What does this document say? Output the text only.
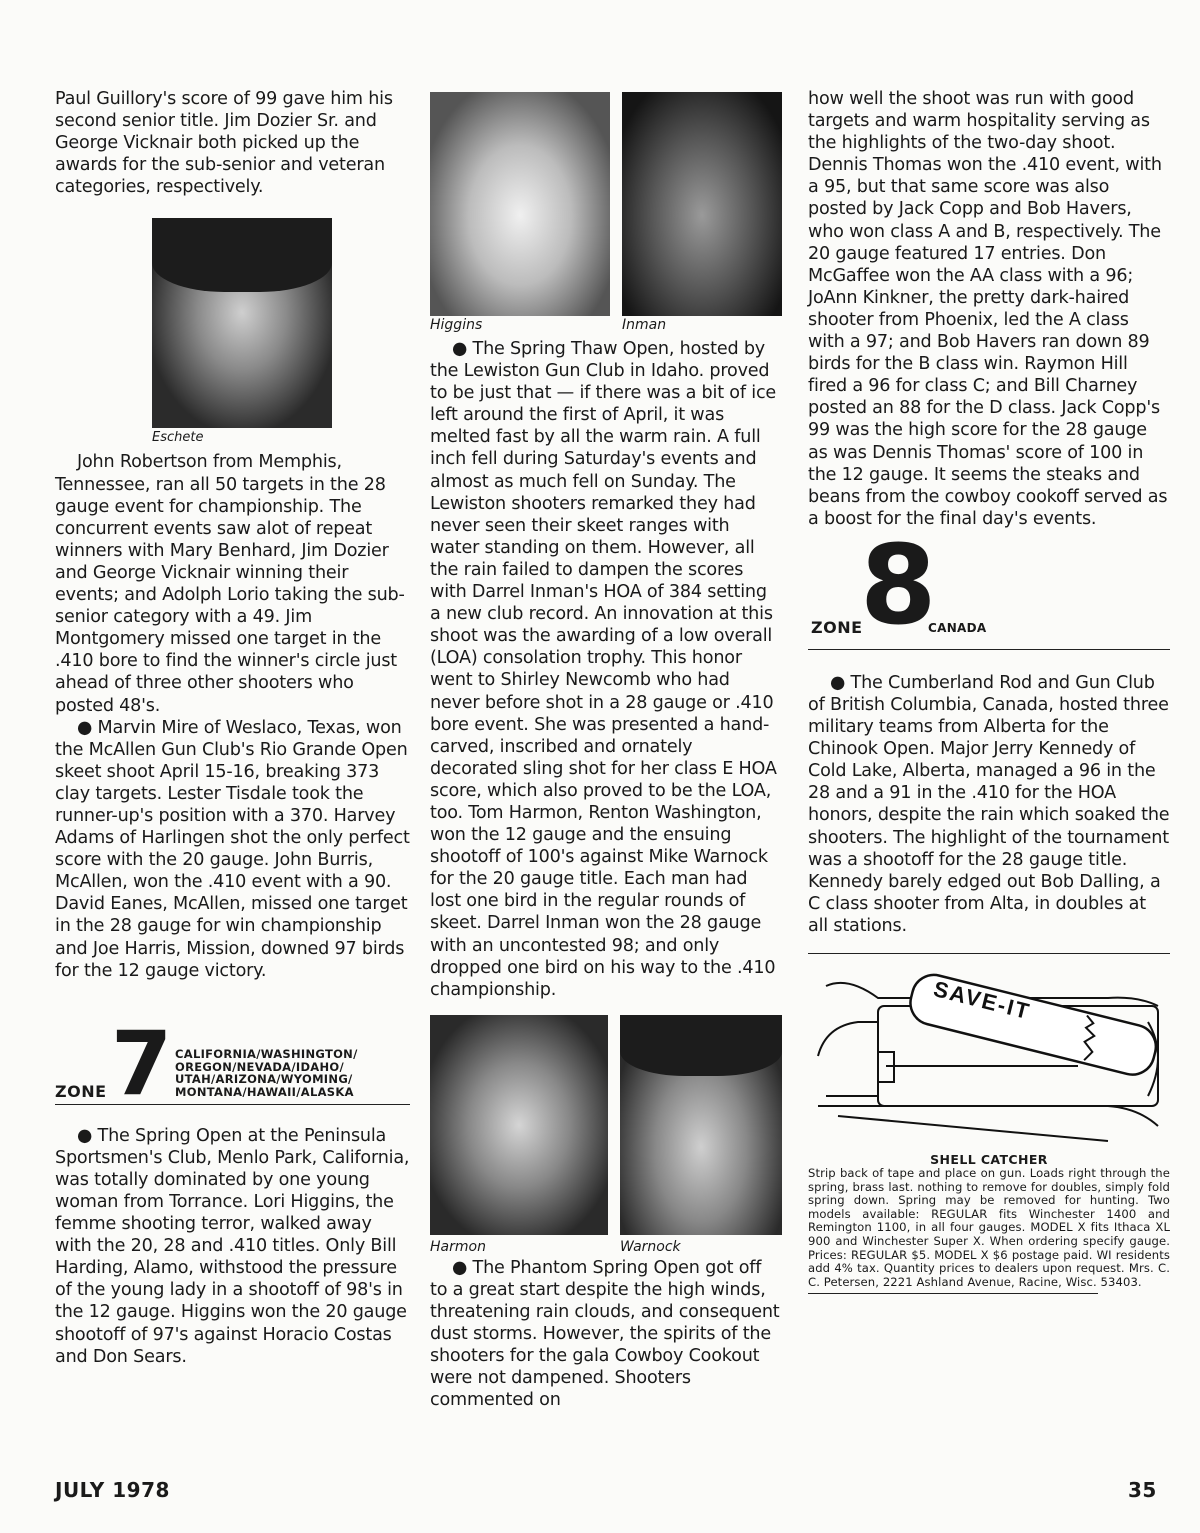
Paul Guillory's score of 99 gave him his second senior title. Jim Dozier Sr. and George Vicknair both picked up the awards for the sub-senior and veteran categories, respectively.

Eschete

John Robertson from Memphis, Tennessee, ran all 50 targets in the 28 gauge event for championship. The concurrent events saw alot of repeat winners with Mary Benhard, Jim Dozier and George Vicknair winning their events; and Adolph Lorio taking the sub-senior category with a 49. Jim Montgomery missed one target in the .410 bore to find the winner's circle just ahead of three other shooters who posted 48's.

● Marvin Mire of Weslaco, Texas, won the McAllen Gun Club's Rio Grande Open skeet shoot April 15-16, breaking 373 clay targets. Lester Tisdale took the runner-up's position with a 370. Harvey Adams of Harlingen shot the only perfect score with the 20 gauge. John Burris, McAllen, won the .410 event with a 90. David Eanes, McAllen, missed one target in the 28 gauge for win championship and Joe Harris, Mission, downed 97 birds for the 12 gauge victory.

ZONE 7 CALIFORNIA/WASHINGTON/
OREGON/NEVADA/IDAHO/
UTAH/ARIZONA/WYOMING/
MONTANA/HAWAII/ALASKA

● The Spring Open at the Peninsula Sportsmen's Club, Menlo Park, California, was totally dominated by one young woman from Torrance. Lori Higgins, the femme shooting terror, walked away with the 20, 28 and .410 titles. Only Bill Harding, Alamo, withstood the pressure of the young lady in a shootoff of 98's in the 12 gauge. Higgins won the 20 gauge shootoff of 97's against Horacio Costas and Don Sears.

Higgins	Inman

● The Spring Thaw Open, hosted by the Lewiston Gun Club in Idaho. proved to be just that — if there was a bit of ice left around the first of April, it was melted fast by all the warm rain. A full inch fell during Saturday's events and almost as much fell on Sunday. The Lewiston shooters remarked they had never seen their skeet ranges with water standing on them. However, all the rain failed to dampen the scores with Darrel Inman's HOA of 384 setting a new club record. An innovation at this shoot was the awarding of a low overall (LOA) consolation trophy. This honor went to Shirley Newcomb who had never before shot in a 28 gauge or .410 bore event. She was presented a hand-carved, inscribed and ornately decorated sling shot for her class E HOA score, which also proved to be the LOA, too. Tom Harmon, Renton Washington, won the 12 gauge and the ensuing shootoff of 100's against Mike Warnock for the 20 gauge title. Each man had lost one bird in the regular rounds of skeet. Darrel Inman won the 28 gauge with an uncontested 98; and only dropped one bird on his way to the .410 championship.

Harmon	Warnock

● The Phantom Spring Open got off to a great start despite the high winds, threatening rain clouds, and consequent dust storms. However, the spirits of the shooters for the gala Cowboy Cookout were not dampened. Shooters commented on

how well the shoot was run with good targets and warm hospitality serving as the highlights of the two-day shoot. Dennis Thomas won the .410 event, with a 95, but that same score was also posted by Jack Copp and Bob Havers, who won class A and B, respectively. The 20 gauge featured 17 entries. Don McGaffee won the AA class with a 96; JoAnn Kinkner, the pretty dark-haired shooter from Phoenix, led the A class with a 97; and Bob Havers ran down 89 birds for the B class win. Raymon Hill fired a 96 for class C; and Bill Charney posted an 88 for the D class. Jack Copp's 99 was the high score for the 28 gauge as was Dennis Thomas' score of 100 in the 12 gauge. It seems the steaks and beans from the cowboy cookoff served as a boost for the final day's events.

ZONE
8
CANADA

● The Cumberland Rod and Gun Club of British Columbia, Canada, hosted three military teams from Alberta for the Chinook Open. Major Jerry Kennedy of Cold Lake, Alberta, managed a 96 in the 28 and a 91 in the .410 for the HOA honors, despite the rain which soaked the shooters. The highlight of the tournament was a shootoff for the 28 gauge title. Kennedy barely edged out Bob Dalling, a C class shooter from Alta, in doubles at all stations.

SAVE-IT
SHELL CATCHER

Strip back of tape and place on gun. Loads right through the spring, brass last. nothing to remove for doubles, simply fold spring down. Spring may be removed for hunting. Two models available: REGULAR fits Winchester 1400 and Remington 1100, in all four gauges. MODEL X fits Ithaca XL 900 and Winchester Super X. When ordering specify gauge. Prices: REGULAR $5. MODEL X $6 postage paid. WI residents add 4% tax. Quantity prices to dealers upon request. Mrs. C. C. Petersen, 2221 Ashland Avenue, Racine, Wisc. 53403.

JULY 1978	35
